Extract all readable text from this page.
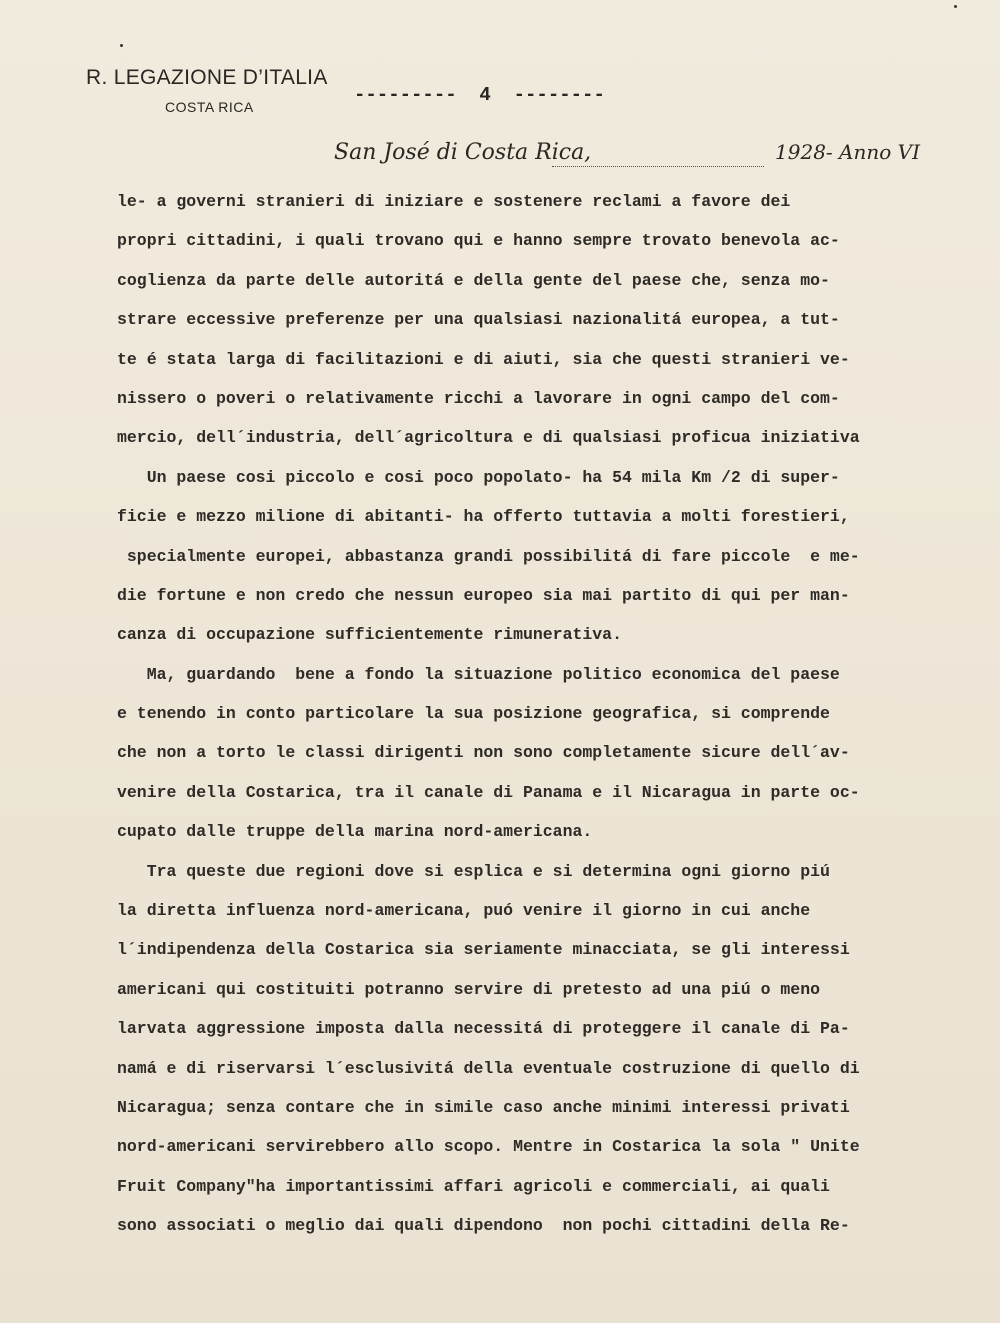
R. LEGAZIONE D’ITALIA
COSTA RICA
---------  4  --------
San José di Costa Rica,	1928- Anno VI

le- a governi stranieri di iniziare e sostenere reclami a favore dei

propri cittadini, i quali trovano qui e hanno sempre trovato benevola ac-

coglienza da parte delle autoritá e della gente del paese che, senza mo-

strare eccessive preferenze per una qualsiasi nazionalitá europea, a tut-

te é stata larga di facilitazioni e di aiuti, sia che questi stranieri ve-

nissero o poveri o relativamente ricchi a lavorare in ogni campo del com-

mercio, dell´industria, dell´agricoltura e di qualsiasi proficua iniziativa

Un paese cosi piccolo e cosi poco popolato- ha 54 mila Km /2 di super-

ficie e mezzo milione di abitanti- ha offerto tuttavia a molti forestieri,

specialmente europei, abbastanza grandi possibilitá di fare piccole  e me-

die fortune e non credo che nessun europeo sia mai partito di qui per man-

canza di occupazione sufficientemente rimunerativa.

Ma, guardando  bene a fondo la situazione politico economica del paese

e tenendo in conto particolare la sua posizione geografica, si comprende

che non a torto le classi dirigenti non sono completamente sicure dell´av-

venire della Costarica, tra il canale di Panama e il Nicaragua in parte oc-

cupato dalle truppe della marina nord-americana.

Tra queste due regioni dove si esplica e si determina ogni giorno piú

la diretta influenza nord-americana, puó venire il giorno in cui anche

l´indipendenza della Costarica sia seriamente minacciata, se gli interessi

americani qui costituiti potranno servire di pretesto ad una piú o meno

larvata aggressione imposta dalla necessitá di proteggere il canale di Pa-

namá e di riservarsi l´esclusivitá della eventuale costruzione di quello di

Nicaragua; senza contare che in simile caso anche minimi interessi privati

nord-americani servirebbero allo scopo. Mentre in Costarica la sola " Unite

Fruit Company"ha importantissimi affari agricoli e commerciali, ai quali

sono associati o meglio dai quali dipendono  non pochi cittadini della Re-
